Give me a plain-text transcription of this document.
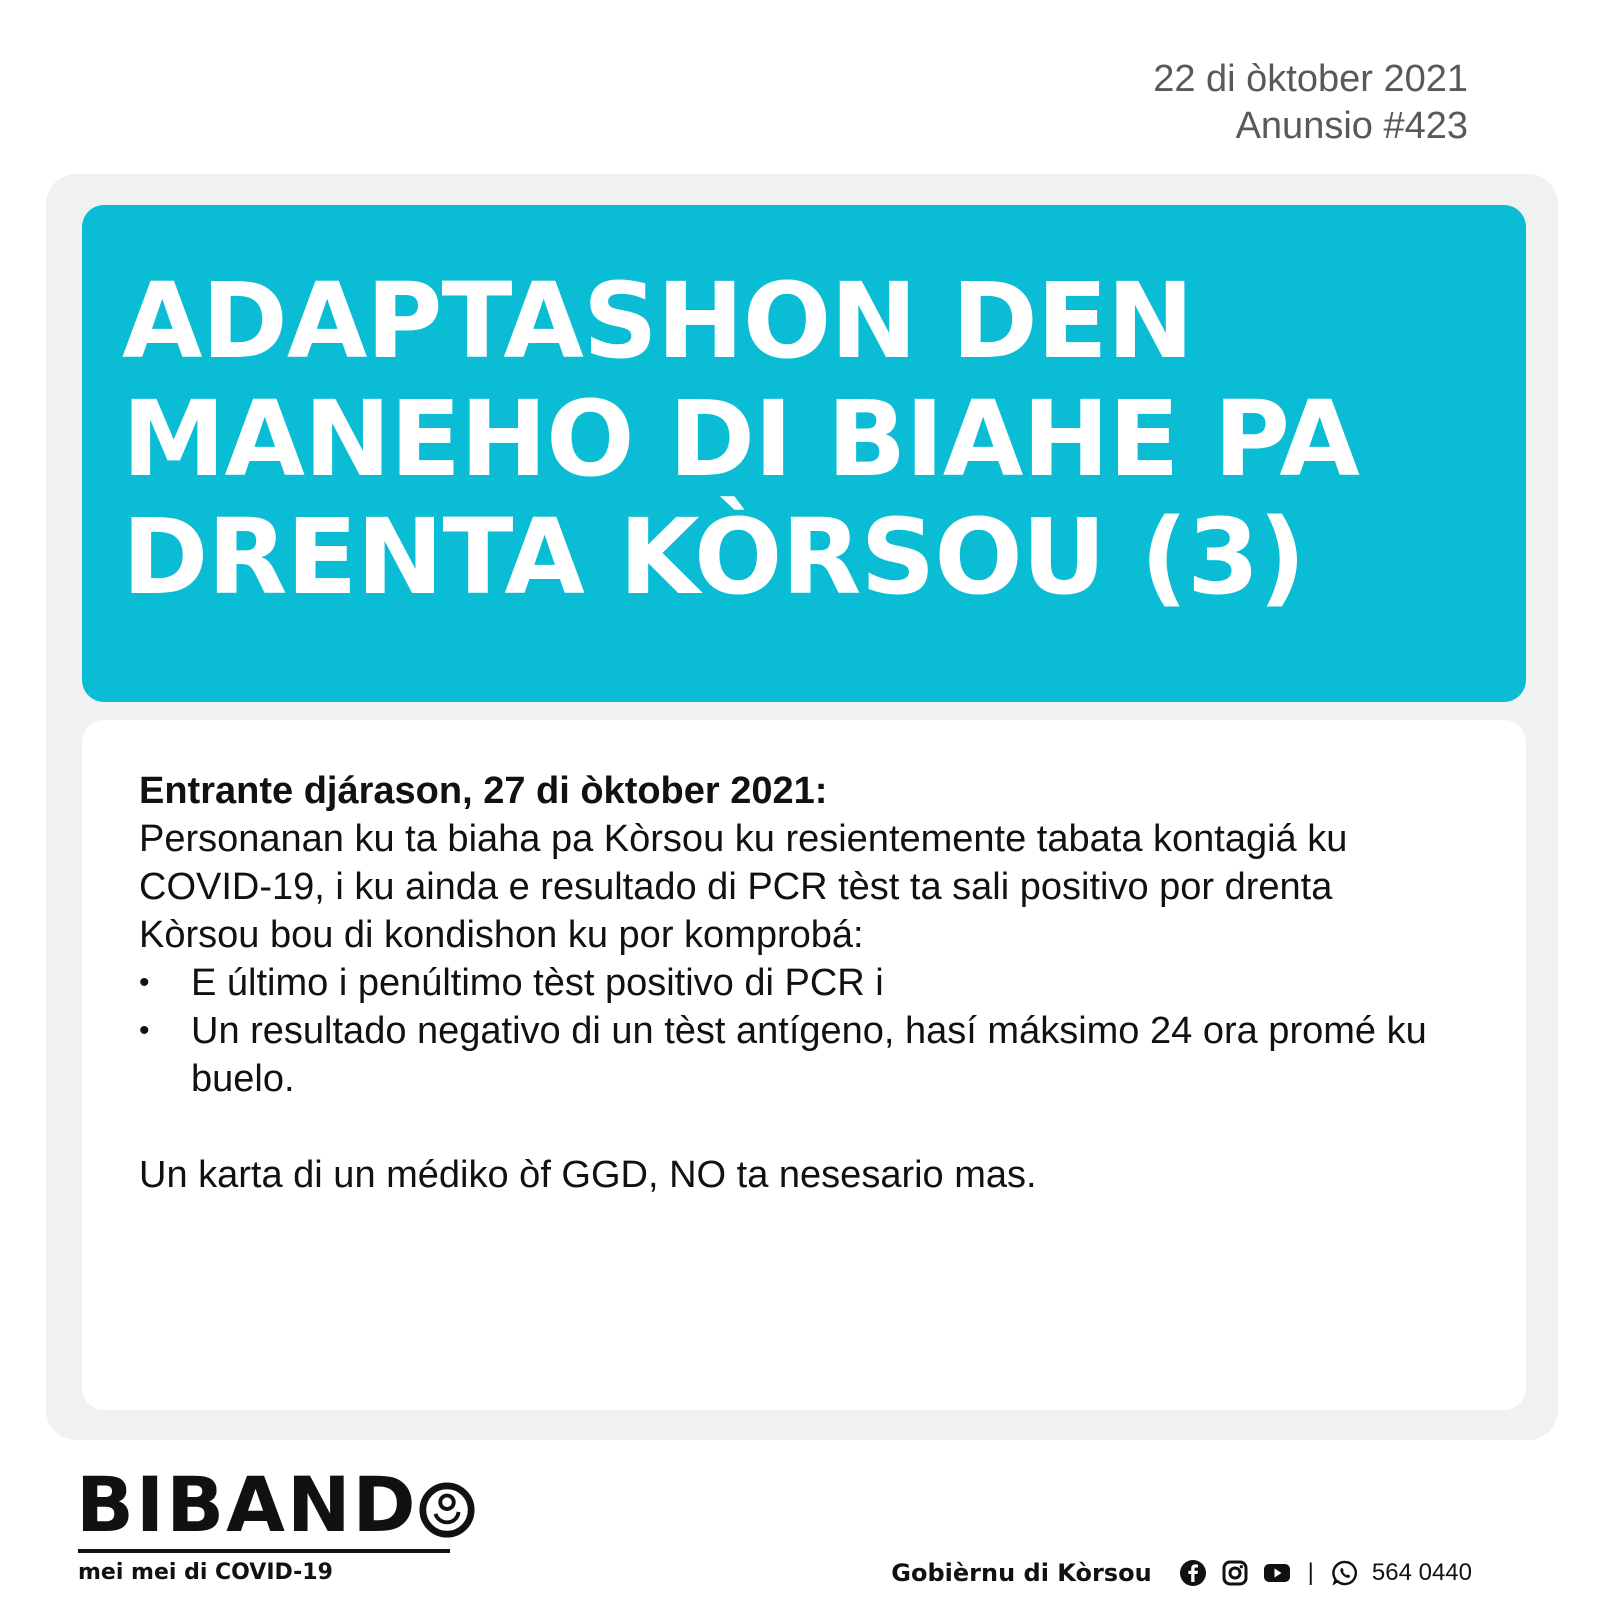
22 di òktober 2021
Anunsio #423
ADAPTASHON DEN
MANEHO DI BIAHE PA
DRENTA KÒRSOU (3)

Entrante djárason, 27 di òktober 2021:

Personanan ku ta biaha pa Kòrsou ku resientemente tabata kontagiá ku COVID-19, i ku ainda e resultado di PCR tèst ta sali positivo por drenta Kòrsou bou di kondishon ku por komprobá:

• E último i penúltimo tèst positivo di PCR i
• Un resultado negativo di un tèst antígeno, hasí máksimo 24 ora promé ku buelo.

Un karta di un médiko òf GGD, NO ta nesesario mas.

BIBAND
mei mei di COVID-19	Gobièrnu di Kòrsou	| 564 0440
